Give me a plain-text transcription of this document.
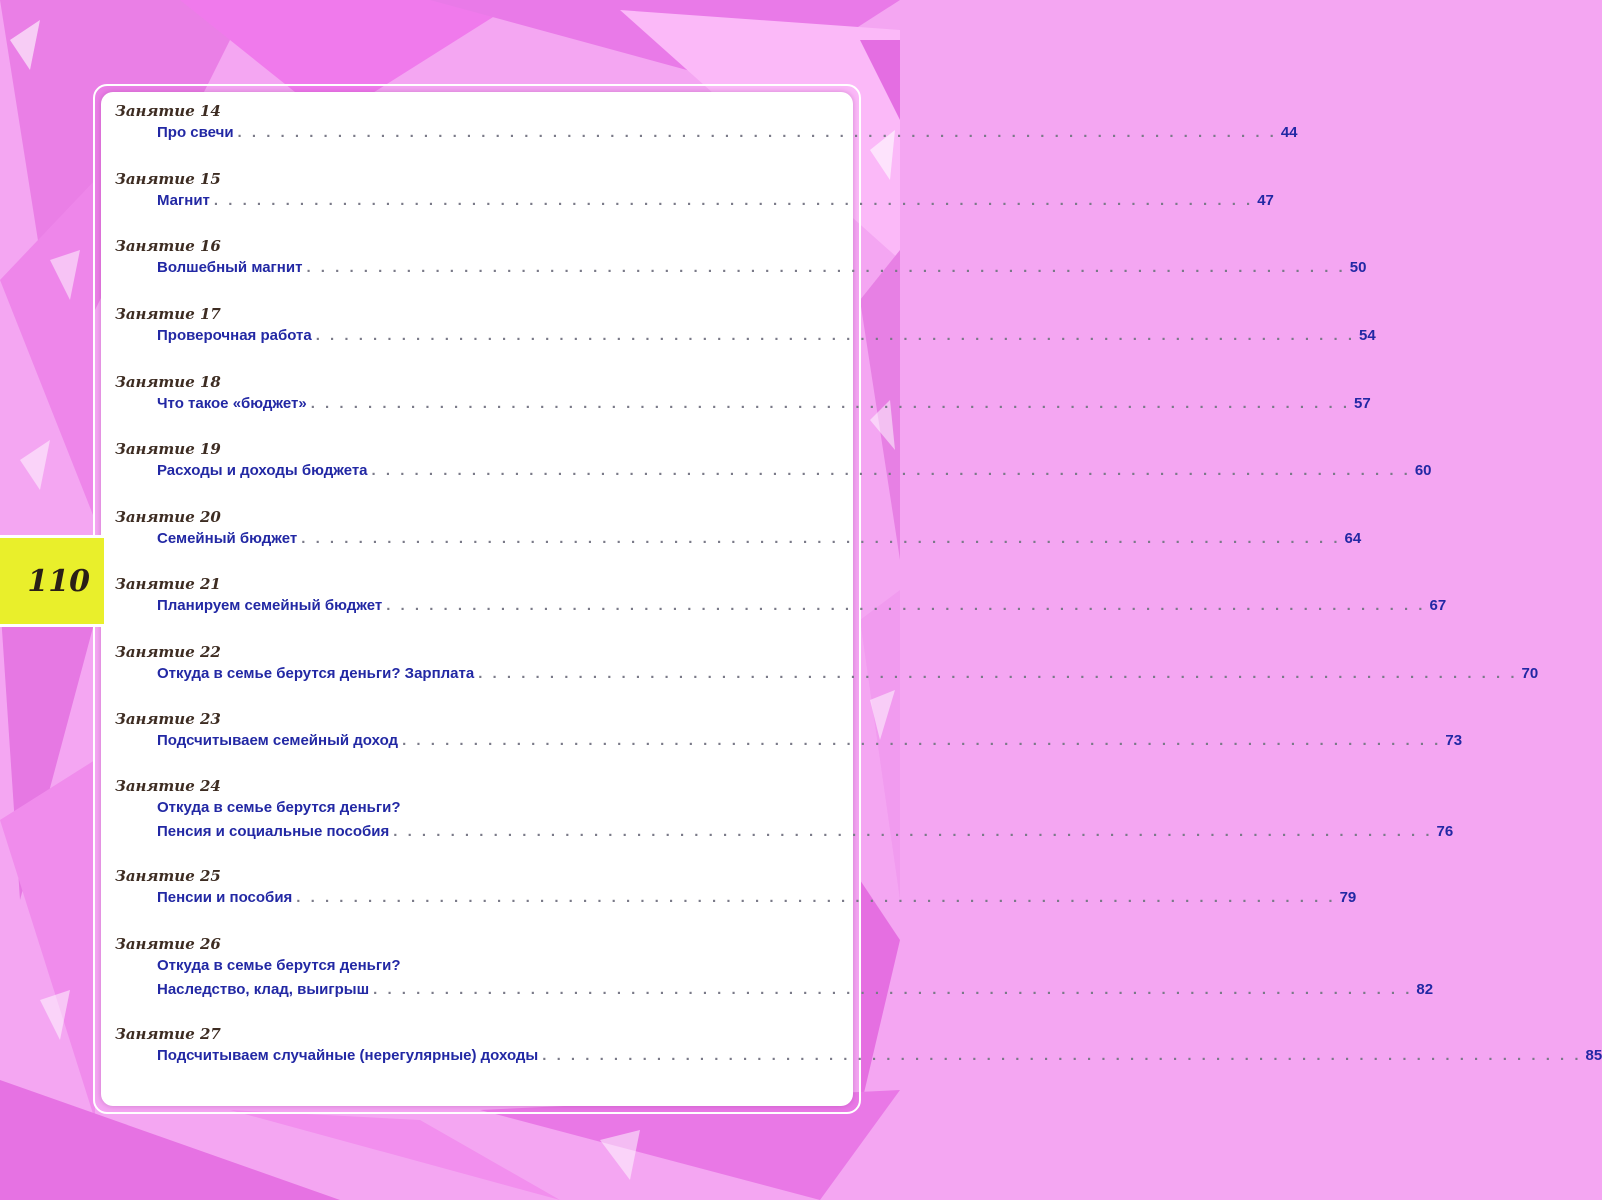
110
Занятие 14
Про свечи . . . . . . . . . . . . . . . . . . . . . . . . . . . . . . . . . . . . . . . . . . . . . . . . . . . . . . . . . . . . . . . . . . . . . . . . . 44
Занятие 15
Магнит . . . . . . . . . . . . . . . . . . . . . . . . . . . . . . . . . . . . . . . . . . . . . . . . . . . . . . . . . . . . . . . . . . . . . . . . . 47
Занятие 16
Волшебный магнит . . . . . . . . . . . . . . . . . . . . . . . . . . . . . . . . . . . . . . . . . . . . . . . . . . . . . . . . . . . . . . . . . . . . . . . . . 50
Занятие 17
Проверочная работа . . . . . . . . . . . . . . . . . . . . . . . . . . . . . . . . . . . . . . . . . . . . . . . . . . . . . . . . . . . . . . . . . . . . . . . . . 54
Занятие 18
Что такое «бюджет» . . . . . . . . . . . . . . . . . . . . . . . . . . . . . . . . . . . . . . . . . . . . . . . . . . . . . . . . . . . . . . . . . . . . . . . . . 57
Занятие 19
Расходы и доходы бюджета . . . . . . . . . . . . . . . . . . . . . . . . . . . . . . . . . . . . . . . . . . . . . . . . . . . . . . . . . . . . . . . . . . . . . . . . . 60
Занятие 20
Семейный бюджет . . . . . . . . . . . . . . . . . . . . . . . . . . . . . . . . . . . . . . . . . . . . . . . . . . . . . . . . . . . . . . . . . . . . . . . . . 64
Занятие 21
Планируем семейный бюджет . . . . . . . . . . . . . . . . . . . . . . . . . . . . . . . . . . . . . . . . . . . . . . . . . . . . . . . . . . . . . . . . . . . . . . . . . 67
Занятие 22
Откуда в семье берутся деньги? Зарплата . . . . . . . . . . . . . . . . . . . . . . . . . . . . . . . . . . . . . . . . . . . . . . . . . . . . . . . . . . . . . . . . . . . . . . . . . 70
Занятие 23
Подсчитываем семейный доход . . . . . . . . . . . . . . . . . . . . . . . . . . . . . . . . . . . . . . . . . . . . . . . . . . . . . . . . . . . . . . . . . . . . . . . . . 73
Занятие 24
Откуда в семье берутся деньги?
Пенсия и социальные пособия . . . . . . . . . . . . . . . . . . . . . . . . . . . . . . . . . . . . . . . . . . . . . . . . . . . . . . . . . . . . . . . . . . . . . . . . . 76
Занятие 25
Пенсии и пособия . . . . . . . . . . . . . . . . . . . . . . . . . . . . . . . . . . . . . . . . . . . . . . . . . . . . . . . . . . . . . . . . . . . . . . . . . 79
Занятие 26
Откуда в семье берутся деньги?
Наследство, клад, выигрыш . . . . . . . . . . . . . . . . . . . . . . . . . . . . . . . . . . . . . . . . . . . . . . . . . . . . . . . . . . . . . . . . . . . . . . . . . 82
Занятие 27
Подсчитываем случайные (нерегулярные) доходы . . . . . . . . . . . . . . . . . . . . . . . . . . . . . . . . . . . . . . . . . . . . . . . . . . . . . . . . . . . . . . . . . . . . . . . . . 85
